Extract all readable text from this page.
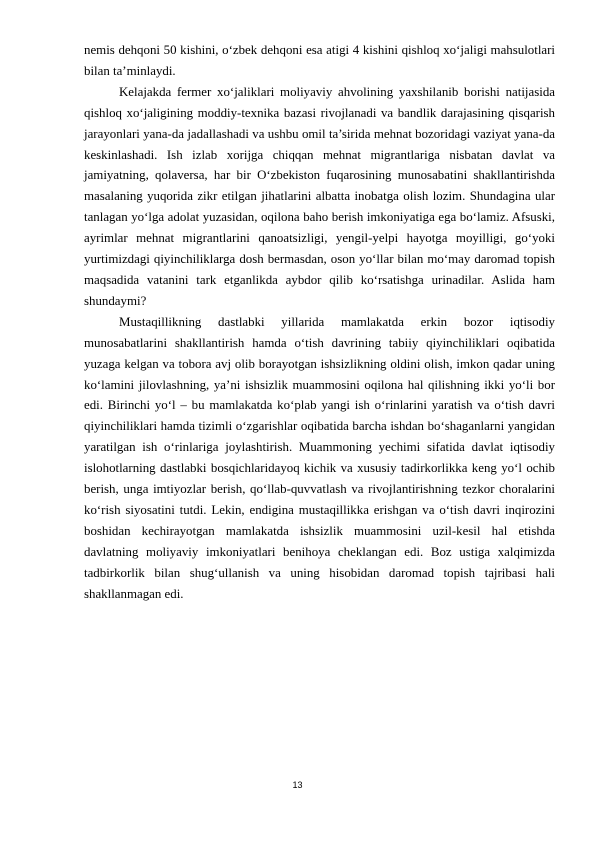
nemis dehqoni 50 kishini, o‘zbek dehqoni esa atigi 4 kishini qishloq xo‘jaligi mahsulotlari bilan ta’minlaydi.

Kelajakda fermer xo‘jaliklari moliyaviy ahvolining yaxshilanib borishi natijasida qishloq xo‘jaligining moddiy-texnika bazasi rivojlanadi va bandlik darajasining qisqarish jarayonlari yana-da jadallashadi va ushbu omil ta’sirida mehnat bozoridagi vaziyat yana-da keskinlashadi. Ish izlab xorijga chiqqan mehnat migrantlariga nisbatan davlat va jamiyatning, qolaversa, har bir O‘zbekiston fuqarosining munosabatini shakllantirishda masalaning yuqorida zikr etilgan jihatlarini albatta inobatga olish lozim. Shundagina ular tanlagan yo‘lga adolat yuzasidan, oqilona baho berish imkoniyatiga ega bo‘lamiz. Afsuski, ayrimlar mehnat migrantlarini qanoatsizligi, yengil-yelpi hayotga moyilligi, go‘yoki yurtimizdagi qiyinchiliklarga dosh bermasdan, oson yo‘llar bilan mo‘may daromad topish maqsadida vatanini tark etganlikda aybdor qilib ko‘rsatishga urinadilar. Aslida ham shundaymi?

Mustaqillikning dastlabki yillarida mamlakatda erkin bozor iqtisodiy munosabatlarini shakllantirish hamda o‘tish davrining tabiiy qiyinchiliklari oqibatida yuzaga kelgan va tobora avj olib borayotgan ishsizlikning oldini olish, imkon qadar uning ko‘lamini jilovlashning, ya’ni ishsizlik muammosini oqilona hal qilishning ikki yo‘li bor edi. Birinchi yo‘l – bu mamlakatda ko‘plab yangi ish o‘rinlarini yaratish va o‘tish davri qiyinchiliklari hamda tizimli o‘zgarishlar oqibatida barcha ishdan bo‘shaganlarni yangidan yaratilgan ish o‘rinlariga joylashtirish. Muammoning yechimi sifatida davlat iqtisodiy islohotlarning dastlabki bosqichlaridayoq kichik va xususiy tadirkorlikka keng yo‘l ochib berish, unga imtiyozlar berish, qo‘llab-quvvatlash va rivojlantirishning tezkor choralarini ko‘rish siyosatini tutdi. Lekin, endigina mustaqillikka erishgan va o‘tish davri inqirozini boshidan kechirayotgan mamlakatda ishsizlik muammosini uzil-kesil hal etishda davlatning moliyaviy imkoniyatlari benihoya cheklangan edi. Boz ustiga xalqimizda tadbirkorlik bilan shug‘ullanish va uning hisobidan daromad topish tajribasi hali shakllanmagan edi.

13
